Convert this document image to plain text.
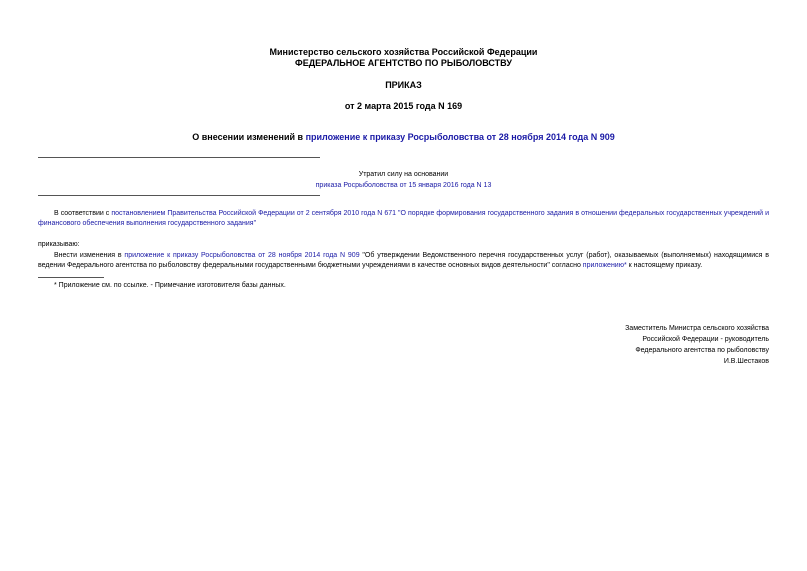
Министерство сельского хозяйства Российской Федерации
ФЕДЕРАЛЬНОЕ АГЕНТСТВО ПО РЫБОЛОВСТВУ
ПРИКАЗ
от 2 марта 2015 года N 169
О внесении изменений в приложение к приказу Росрыболовства от 28 ноября 2014 года N 909
Утратил силу на основании
приказа Росрыболовства от 15 января 2016 года N 13
В соответствии с постановлением Правительства Российской Федерации от 2 сентября 2010 года N 671 "О порядке формирования государственного задания в отношении федеральных государственных учреждений и финансового обеспечения выполнения государственного задания"
приказываю:
Внести изменения в приложение к приказу Росрыболовства от 28 ноября 2014 года N 909 "Об утверждении Ведомственного перечня государственных услуг (работ), оказываемых (выполняемых) находящимися в ведении Федерального агентства по рыболовству федеральными государственными бюджетными учреждениями в качестве основных видов деятельности" согласно приложению* к настоящему приказу.
* Приложение см. по ссылке. - Примечание изготовителя базы данных.
Заместитель Министра сельского хозяйства
Российской Федерации - руководитель
Федерального агентства по рыболовству
И.В.Шестаков
